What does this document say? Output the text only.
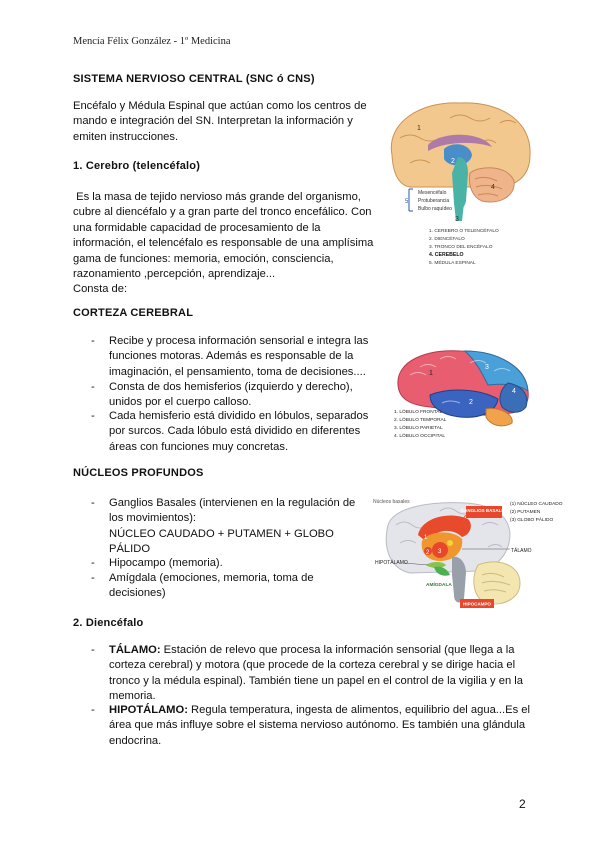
Mencía Félix González - 1º Medicina
SISTEMA NERVIOSO CENTRAL (SNC ó CNS)
Encéfalo y Médula Espinal que actúan como los centros de
mando e integración del SN. Interpretan la información y
emiten instrucciones.
1. Cerebro (telencéfalo)
Es la masa de tejido nervioso más grande del organismo,
cubre al diencéfalo y a gran parte del tronco encefálico. Con
una formidable capacidad de procesamiento de la
información, el telencéfalo es responsable de una amplísima
gama de funciones: memoria, emoción, consciencia,
razonamiento ,percepción, aprendizaje...
Consta de:
CORTEZA CEREBRAL
- Recibe y procesa información sensorial e integra las
funciones motoras. Además es responsable de la
imaginación, el pensamiento, toma de decisiones....
- Consta de dos hemisferios (izquierdo y derecho),
unidos por el cuerpo calloso.
- Cada hemisferio está dividido en lóbulos, separados
por surcos. Cada lóbulo está dividido en diferentes
áreas con funciones muy concretas.
NÚCLEOS PROFUNDOS
- Ganglios Basales (intervienen en la regulación de
los movimientos):
NÚCLEO CAUDADO + PUTAMEN + GLOBO
PÁLIDO
- Hipocampo (memoria).
- Amígdala (emociones, memoria, toma de
decisiones)
2. Diencéfalo
- TÁLAMO: Estación de relevo que procesa la información sensorial (que llega a la
corteza cerebral) y motora (que procede de la corteza cerebral y se dirige hacia el
tronco y la médula espinal). También tiene un papel en el control de la vigilia y en la
memoria.
- HIPOTÁLAMO: Regula temperatura, ingesta de alimentos, equilibrio del agua...Es el
área que más influye sobre el sistema nervioso autónomo. Es también una glándula
endocrina.
1
2
3
4
5
Mesencéfalo
Protuberancia
Bulbo raquídeo
1. CEREBRO O TELENCÉFALO
2. DIENCÉFALO
3. TRONCO DEL ENCÉFALO
4. CEREBELO
5. MÉDULA ESPINAL
1
2
3
4
1. LÓBULO FRONTAL
2. LÓBULO TEMPORAL
3. LÓBULO PARIETAL
4. LÓBULO OCCIPITAL
Núcleos basales
GANGLIOS BASALES
(1) NÚCLEO CAUDADO
(2) PUTAMEN
(3) GLOBO PÁLIDO
TÁLAMO
HIPOTÁLAMO
AMÍGDALA
HIPOCAMPO
1
2 3
2
